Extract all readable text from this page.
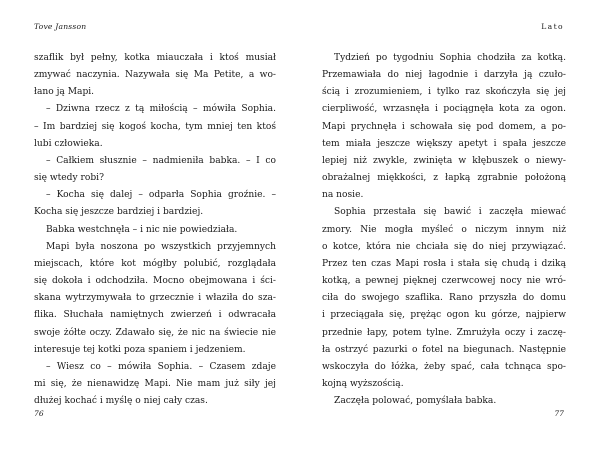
Tove Jansson
szaflik był pełny, kotka miauczała i ktoś musiał
zmywać naczynia. Nazywała się Ma Petite, a wo-
łano ją Mapi.
– Dziwna rzecz z tą miłością – mówiła Sophia.
– Im bardziej się kogoś kocha, tym mniej ten ktoś
lubi człowieka.
– Całkiem słusznie – nadmieniła babka. – I co
się wtedy robi?
– Kocha się dalej – odparła Sophia groźnie. –
Kocha się jeszcze bardziej i bardziej.
Babka westchnęła – i nic nie powiedziała.
Mapi była noszona po wszystkich przyjemnych
miejscach, które kot mógłby polubić, rozglądała
się dokoła i odchodziła. Mocno obejmowana i ści-
skana wytrzymywała to grzecznie i właziła do sza-
flika. Słuchała namiętnych zwierzeń i odwracała
swoje żółte oczy. Zdawało się, że nic na świecie nie
interesuje tej kotki poza spaniem i jedzeniem.
– Wiesz co – mówiła Sophia. – Czasem zdaje
mi się, że nienawidzę Mapi. Nie mam już siły jej
dłużej kochać i myślę o niej cały czas.
76
Lato
Tydzień po tygodniu Sophia chodziła za kotką.
Przemawiała do niej łagodnie i darzyła ją czuło-
ścią i zrozumieniem, i tylko raz skończyła się jej
cierpliwość, wrzasnęła i pociągnęła kota za ogon.
Mapi prychnęła i schowała się pod domem, a po-
tem miała jeszcze większy apetyt i spała jeszcze
lepiej niż zwykle, zwinięta w kłębuszek o niewy-
obrażalnej miękkości, z łapką zgrabnie położoną
na nosie.
Sophia przestała się bawić i zaczęła miewać
zmory. Nie mogła myśleć o niczym innym niż
o kotce, która nie chciała się do niej przywiązać.
Przez ten czas Mapi rosła i stała się chudą i dziką
kotką, a pewnej pięknej czerwcowej nocy nie wró-
ciła do swojego szaflika. Rano przyszła do domu
i przeciągała się, prężąc ogon ku górze, najpierw
przednie łapy, potem tylne. Zmrużyła oczy i zaczę-
ła ostrzyć pazurki o fotel na biegunach. Następnie
wskoczyła do łóżka, żeby spać, cała tchnąca spo-
kojną wyższością.
Zaczęła polować, pomyślała babka.
77
